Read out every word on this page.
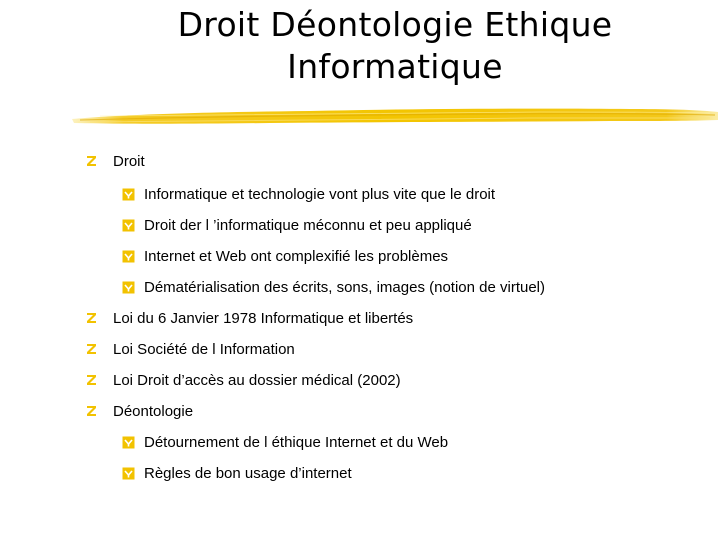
Droit Déontologie Ethique
Informatique
Droit
Informatique et technologie vont plus vite que le droit
Droit der l ’informatique méconnu et peu appliqué
Internet et Web ont complexifié les problèmes
Dématérialisation des écrits, sons, images (notion de virtuel)
Loi du 6 Janvier 1978 Informatique et libertés
Loi Société de l Information
Loi Droit d’accès au dossier médical (2002)
Déontologie
Détournement de l éthique Internet et du Web
Règles de bon usage d’internet
